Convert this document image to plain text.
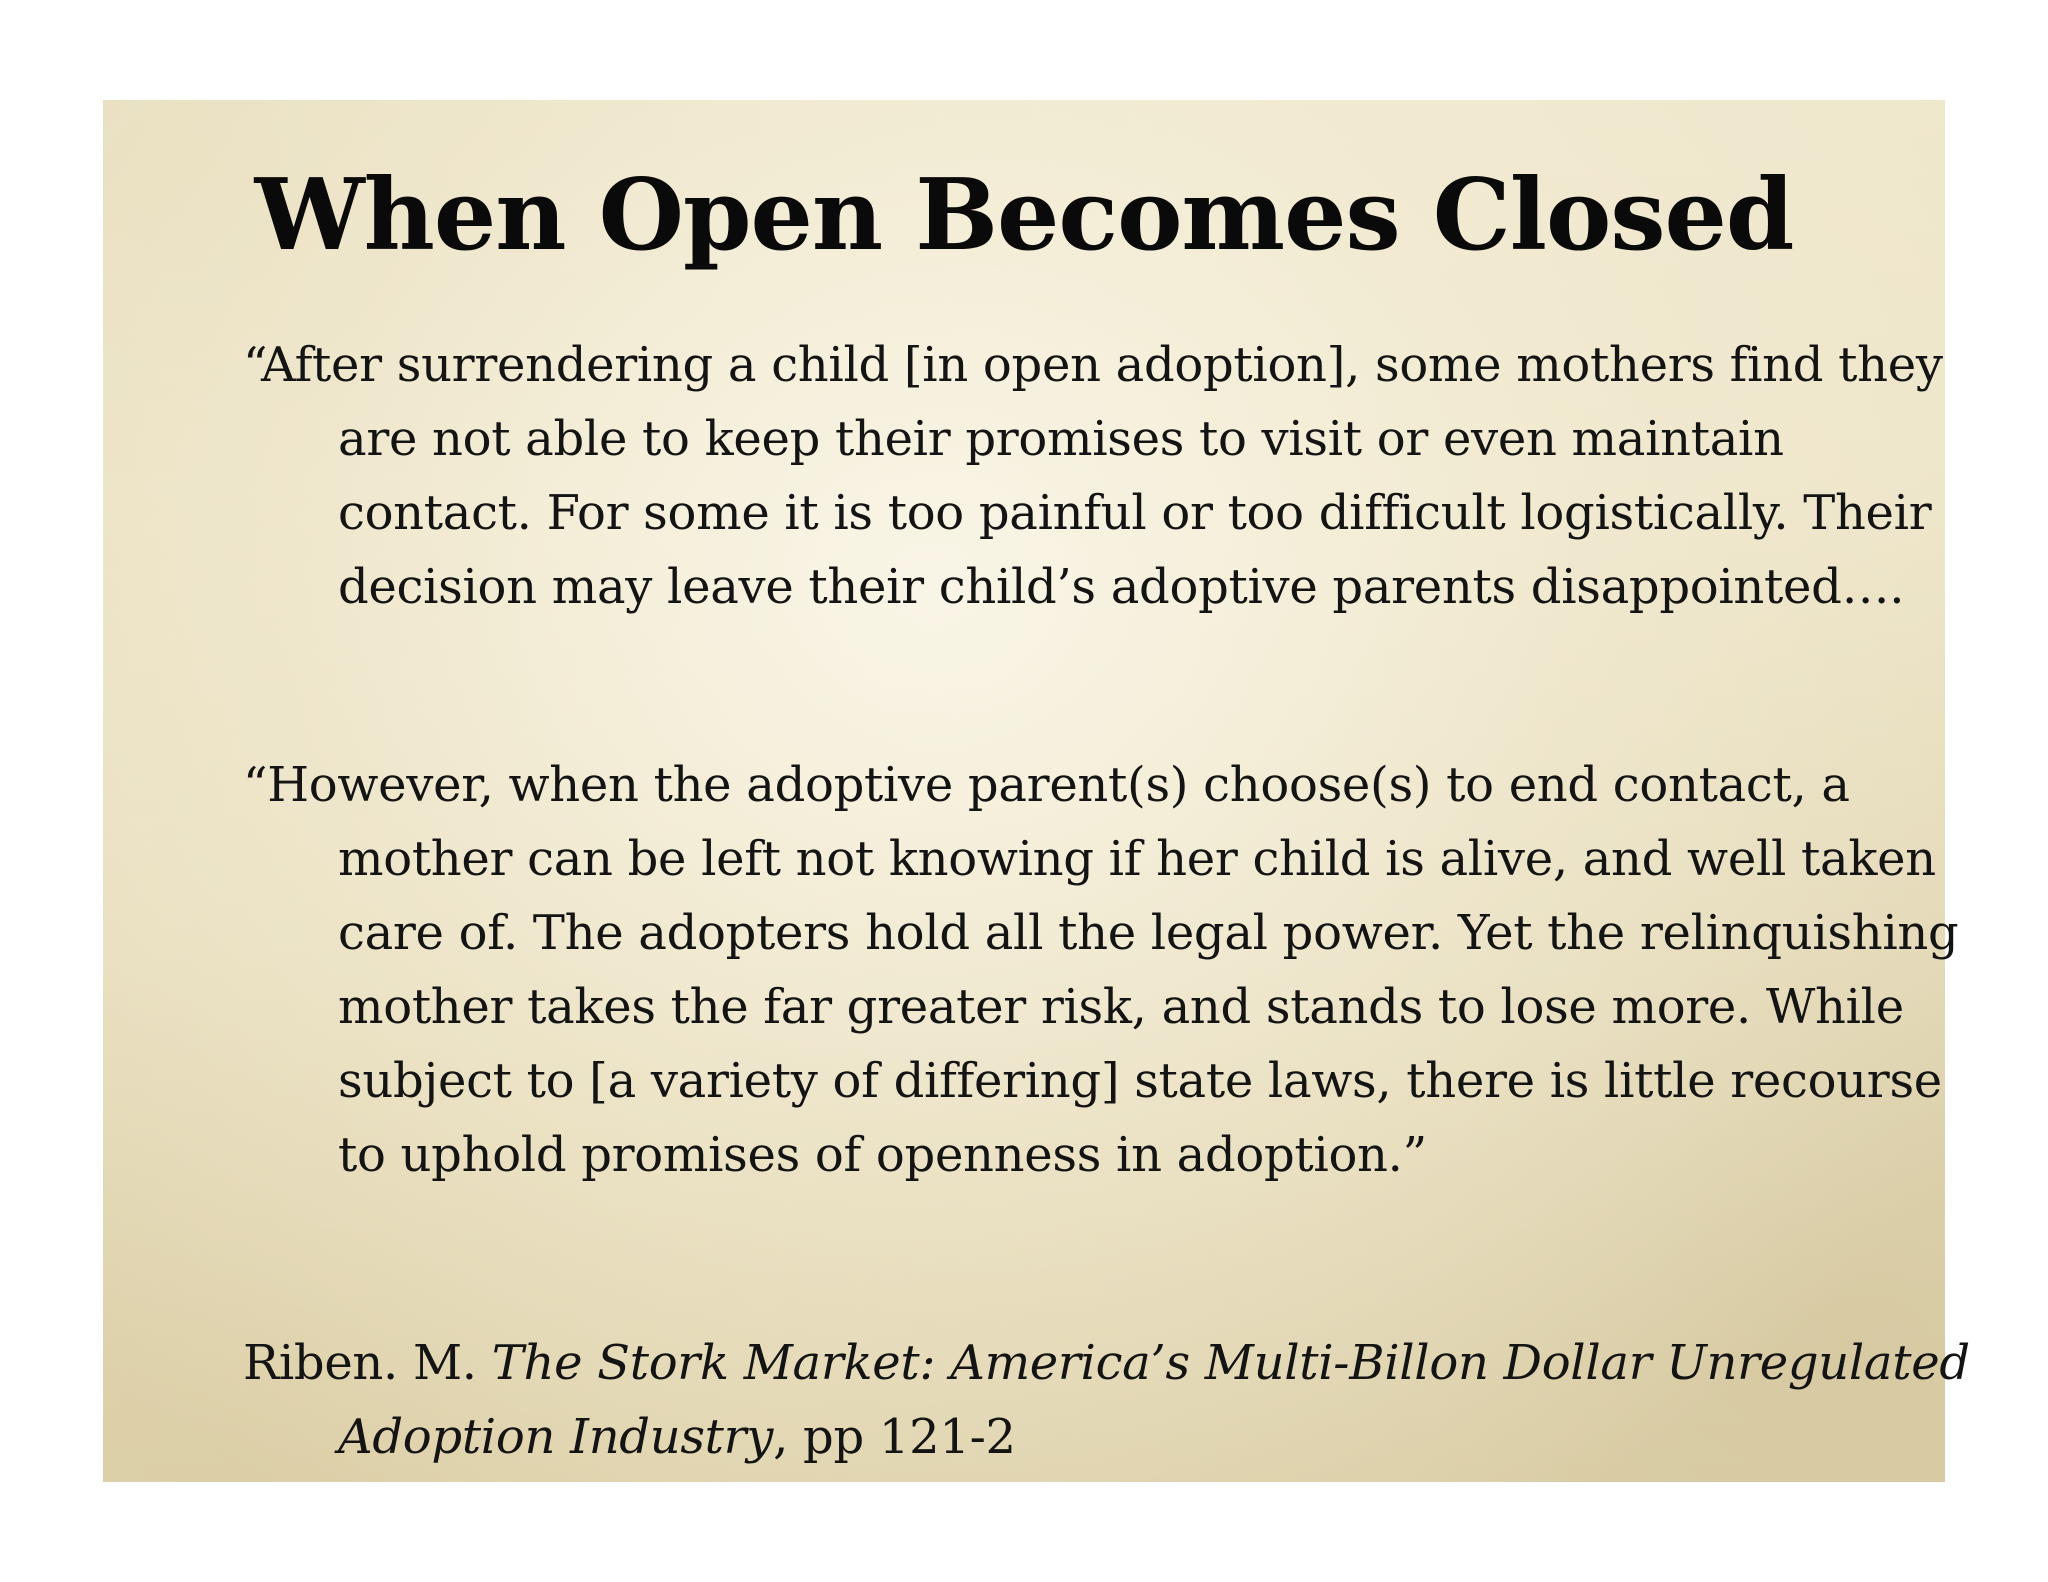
When Open Becomes Closed

“After surrendering a child [in open adoption], some mothers find they are not able to keep their promises to visit or even maintain contact. For some it is too painful or too difficult logistically. Their decision may leave their child’s adoptive parents disappointed….

“However, when the adoptive parent(s) choose(s) to end contact, a mother can be left not knowing if her child is alive, and well taken care of. The adopters hold all the legal power. Yet the relinquishing mother takes the far greater risk, and stands to lose more. While subject to [a variety of differing] state laws, there is little recourse to uphold promises of openness in adoption.”

Riben. M. The Stork Market: America’s Multi-Billon Dollar Unregulated Adoption Industry, pp 121-2
